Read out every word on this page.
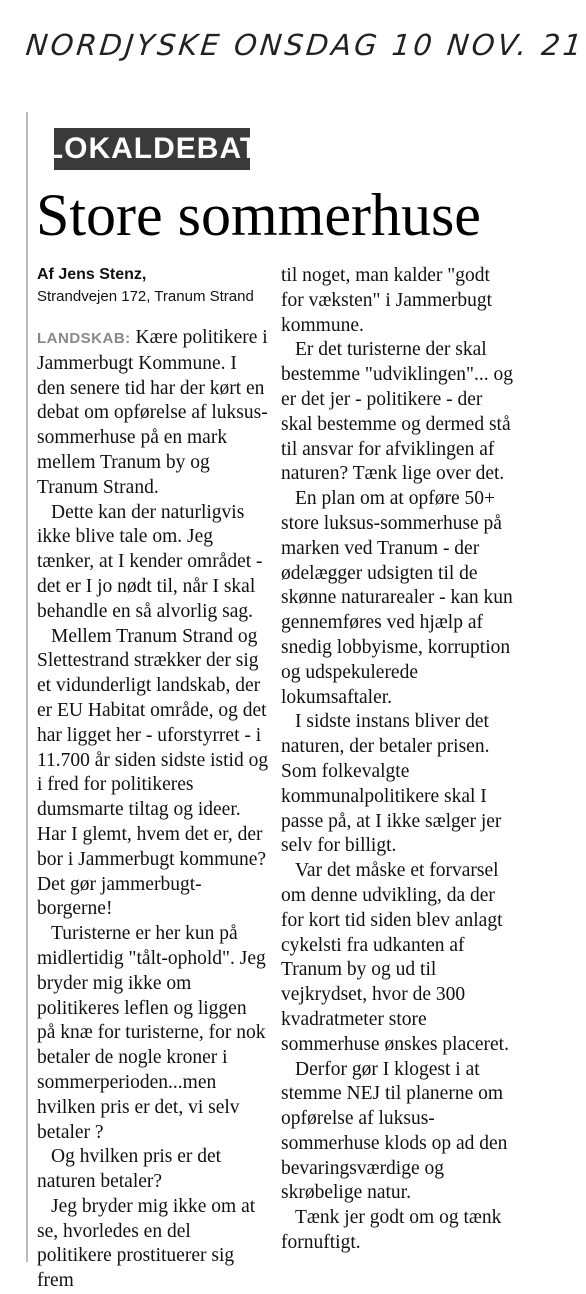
NORDJYSKE ONSDAG 10 NOV. 21
LOKALDEBAT
Store sommerhuse
Af Jens Stenz,
Strandvejen 172, Tranum Strand

LANDSKAB: Kære politikere i Jammerbugt Kommune. I den senere tid har der kørt en debat om opførelse af luksus-sommerhuse på en mark mellem Tranum by og Tranum Strand.

Dette kan der naturligvis ikke blive tale om. Jeg tænker, at I kender området - det er I jo nødt til, når I skal behandle en så alvorlig sag.

Mellem Tranum Strand og Slettestrand strækker der sig et vidunderligt landskab, der er EU Habitat område, og det har ligget her - uforstyrret - i 11.700 år siden sidste istid og i fred for politikeres dumsmarte tiltag og ideer. Har I glemt, hvem det er, der bor i Jammerbugt kommune? Det gør jammerbugt-borgerne!

Turisterne er her kun på midlertidig "tålt-ophold". Jeg bryder mig ikke om politikeres leflen og liggen på knæ for turisterne, for nok betaler de nogle kroner i sommerperioden...men hvilken pris er det, vi selv betaler ?

Og hvilken pris er det naturen betaler?

Jeg bryder mig ikke om at se, hvorledes en del politikere prostituerer sig frem

til noget, man kalder "godt for væksten" i Jammerbugt kommune.

Er det turisterne der skal bestemme "udviklingen"... og er det jer - politikere - der skal bestemme og dermed stå til ansvar for afviklingen af naturen? Tænk lige over det.

En plan om at opføre 50+ store luksus-sommerhuse på marken ved Tranum - der ødelægger udsigten til de skønne naturarealer - kan kun gennemføres ved hjælp af snedig lobbyisme, korruption og udspekulerede lokumsaftaler.

I sidste instans bliver det naturen, der betaler prisen. Som folkevalgte kommunalpolitikere skal I passe på, at I ikke sælger jer selv for billigt.

Var det måske et forvarsel om denne udvikling, da der for kort tid siden blev anlagt cykelsti fra udkanten af Tranum by og ud til vejkrydset, hvor de 300 kvadratmeter store sommerhuse ønskes placeret.

Derfor gør I klogest i at stemme NEJ til planerne om opførelse af luksus-sommerhuse klods op ad den bevaringsværdige og skrøbelige natur.

Tænk jer godt om og tænk fornuftigt.
